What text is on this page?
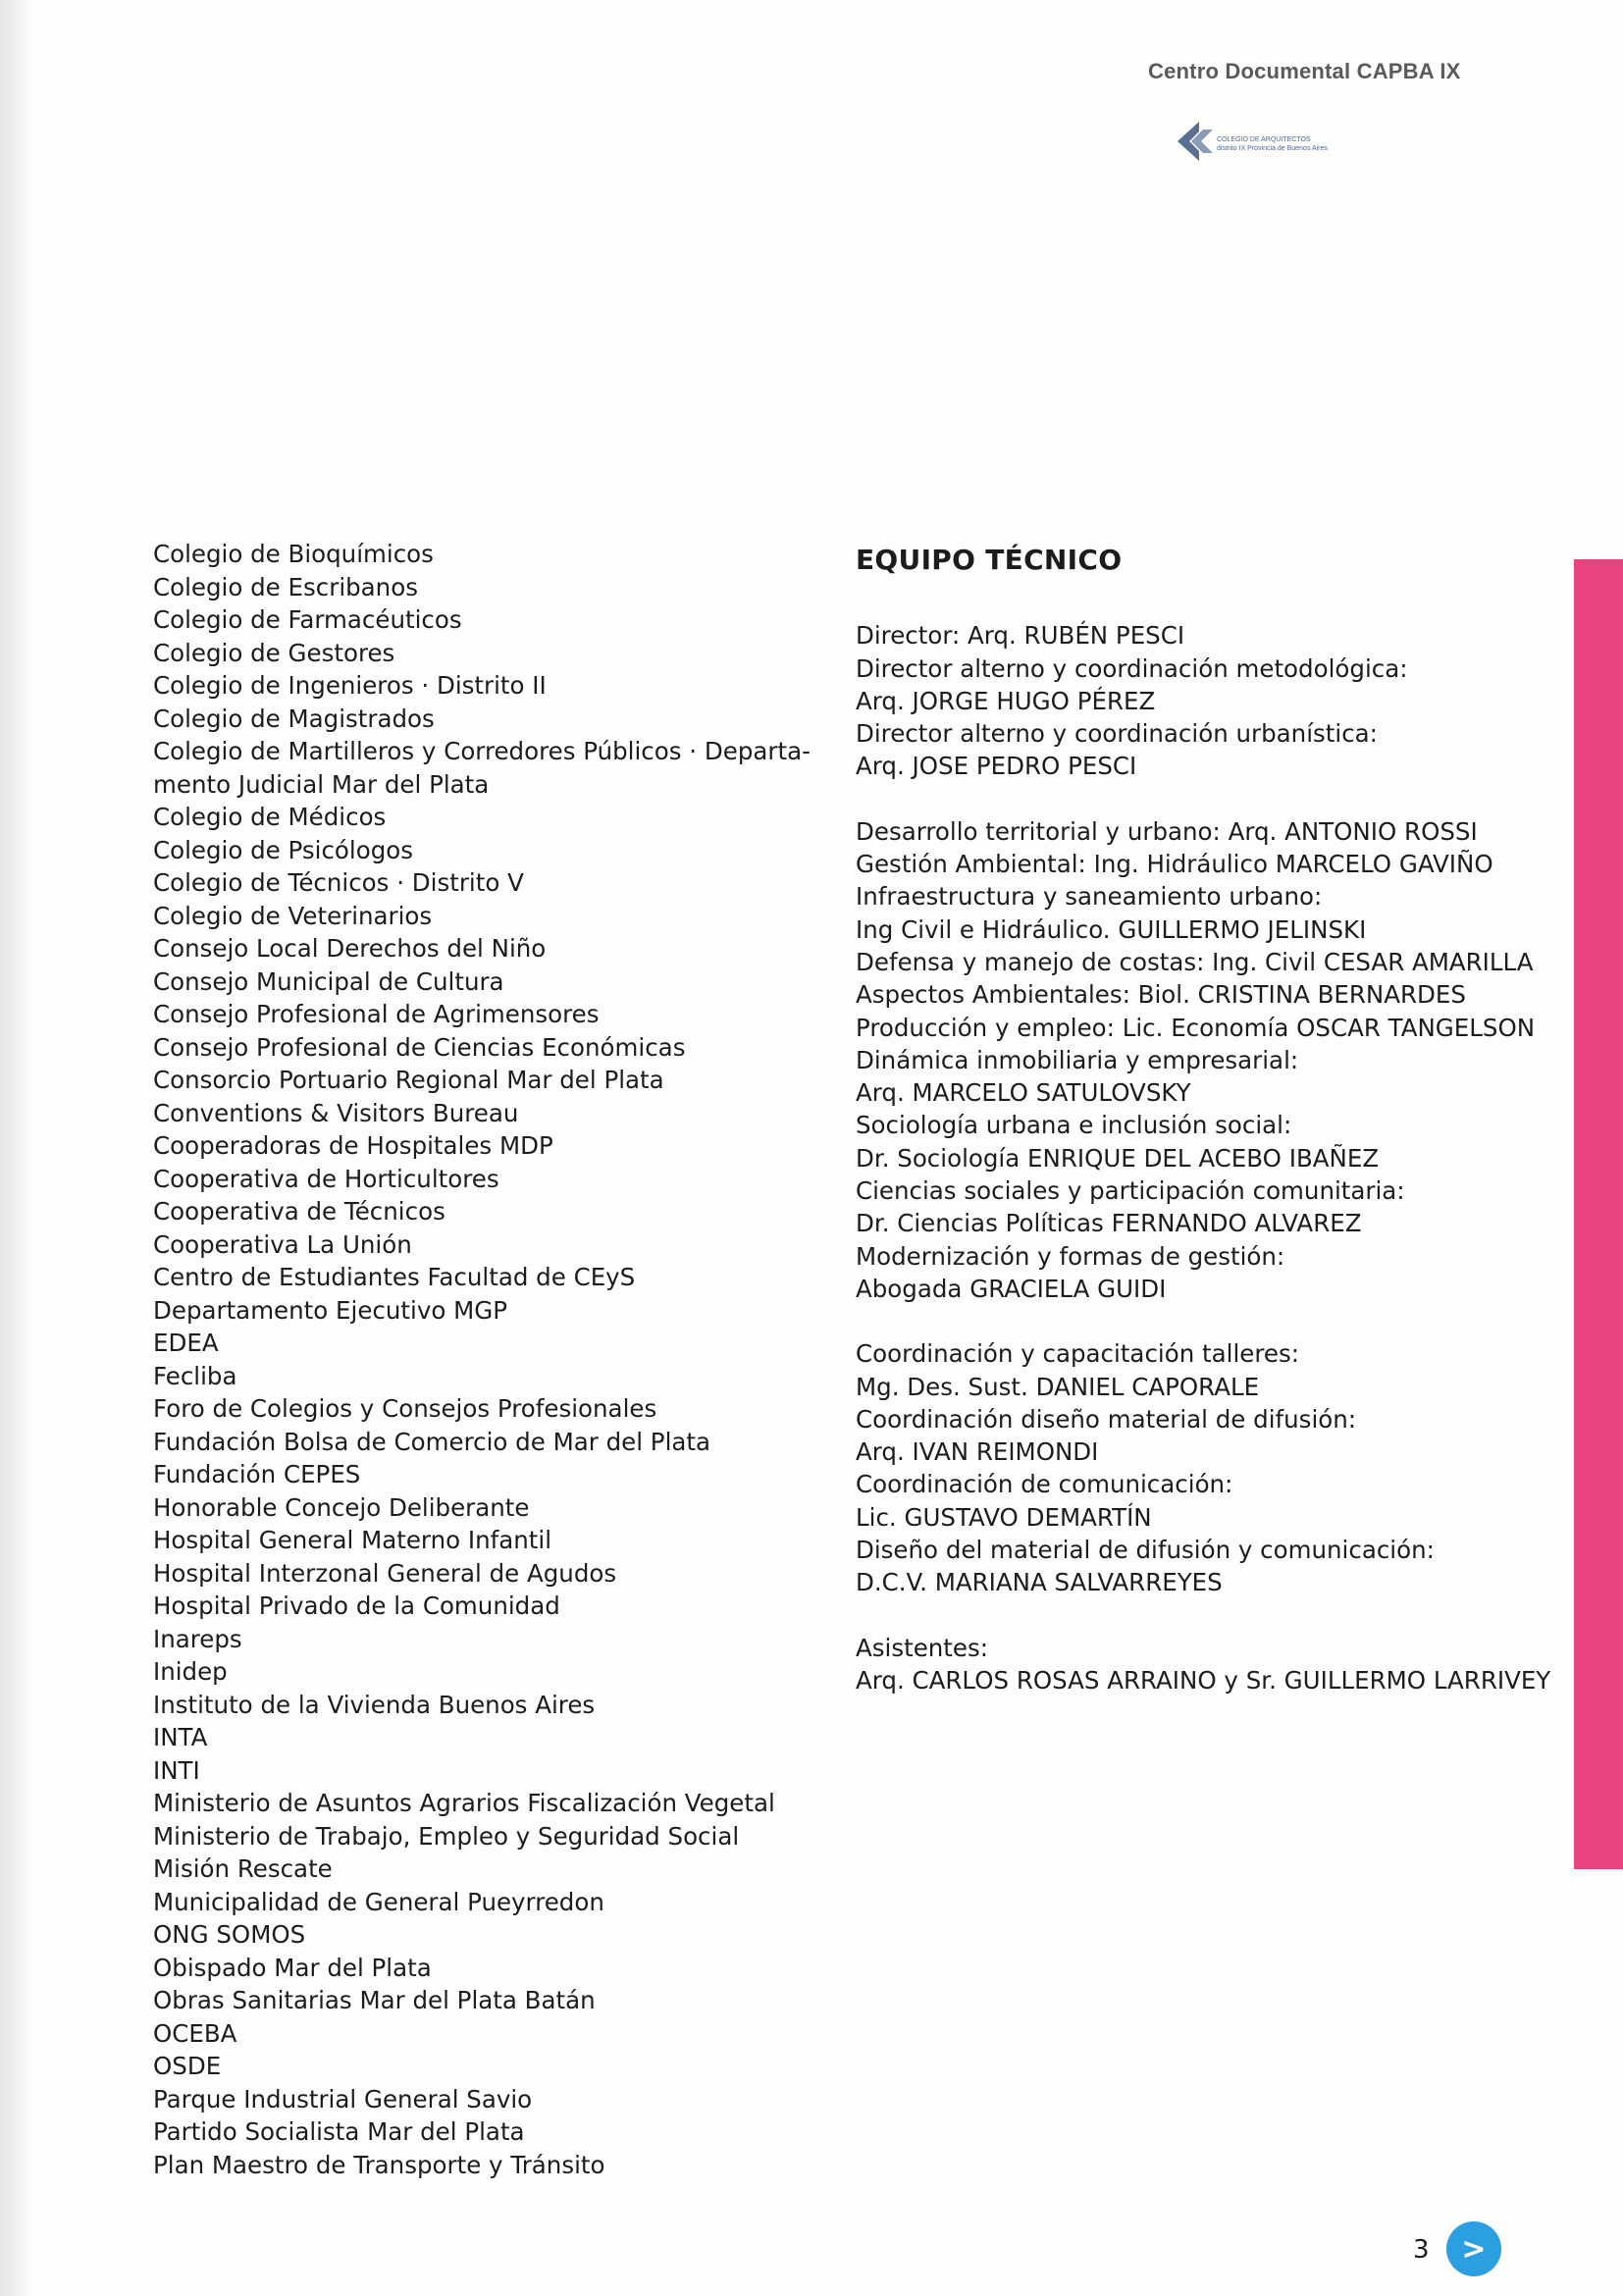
Centro Documental CAPBA IX
COLEGIO DE ARQUITECTOS
distrito IX Provincia de Buenos Aires
Colegio de Bioquímicos
Colegio de Escribanos
Colegio de Farmacéuticos
Colegio de Gestores
Colegio de Ingenieros · Distrito II
Colegio de Magistrados
Colegio de Martilleros y Corredores Públicos · Departa-
mento Judicial Mar del Plata
Colegio de Médicos
Colegio de Psicólogos
Colegio de Técnicos · Distrito V
Colegio de Veterinarios
Consejo Local Derechos del Niño
Consejo Municipal de Cultura
Consejo Profesional de Agrimensores
Consejo Profesional de Ciencias Económicas
Consorcio Portuario Regional Mar del Plata
Conventions & Visitors Bureau
Cooperadoras de Hospitales MDP
Cooperativa de Horticultores
Cooperativa de Técnicos
Cooperativa La Unión
Centro de Estudiantes Facultad de CEyS
Departamento Ejecutivo MGP
EDEA
Fecliba
Foro de Colegios y Consejos Profesionales
Fundación Bolsa de Comercio de Mar del Plata
Fundación CEPES
Honorable Concejo Deliberante
Hospital General Materno Infantil
Hospital Interzonal General de Agudos
Hospital Privado de la Comunidad
Inareps
Inidep
Instituto de la Vivienda Buenos Aires
INTA
INTI
Ministerio de Asuntos Agrarios Fiscalización Vegetal
Ministerio de Trabajo, Empleo y Seguridad Social
Misión Rescate
Municipalidad de General Pueyrredon
ONG SOMOS
Obispado Mar del Plata
Obras Sanitarias Mar del Plata Batán
OCEBA
OSDE
Parque Industrial General Savio
Partido Socialista Mar del Plata
Plan Maestro de Transporte y Tránsito
EQUIPO TÉCNICO
Director: Arq. RUBÉN PESCI
Director alterno y coordinación metodológica:
Arq. JORGE HUGO PÉREZ
Director alterno y coordinación urbanística:
Arq. JOSE PEDRO PESCI
Desarrollo territorial y urbano: Arq. ANTONIO ROSSI
Gestión Ambiental: Ing. Hidráulico MARCELO GAVIÑO
Infraestructura y saneamiento urbano:
Ing Civil e Hidráulico. GUILLERMO JELINSKI
Defensa y manejo de costas: Ing. Civil CESAR AMARILLA
Aspectos Ambientales: Biol. CRISTINA BERNARDES
Producción y empleo: Lic. Economía OSCAR TANGELSON
Dinámica inmobiliaria y empresarial:
Arq. MARCELO SATULOVSKY
Sociología urbana e inclusión social:
Dr. Sociología ENRIQUE DEL ACEBO IBAÑEZ
Ciencias sociales y participación comunitaria:
Dr. Ciencias Políticas FERNANDO ALVAREZ
Modernización y formas de gestión:
Abogada GRACIELA GUIDI
Coordinación y capacitación talleres:
Mg. Des. Sust. DANIEL CAPORALE
Coordinación diseño material de difusión:
Arq. IVAN REIMONDI
Coordinación de comunicación:
Lic. GUSTAVO DEMARTÍN
Diseño del material de difusión y comunicación:
D.C.V. MARIANA SALVARREYES
Asistentes:
Arq. CARLOS ROSAS ARRAINO y Sr. GUILLERMO LARRIVEY
3	>
